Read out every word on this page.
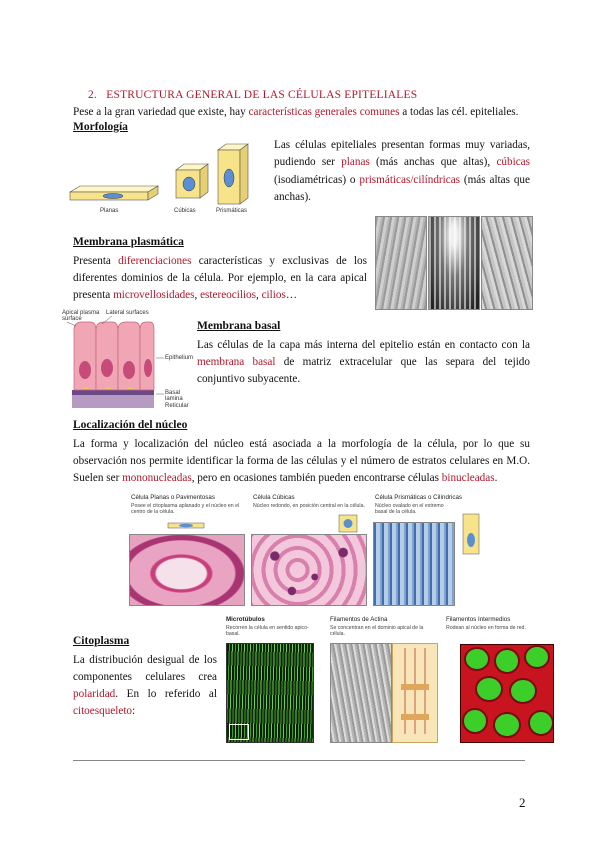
2. ESTRUCTURA GENERAL DE LAS CÉLULAS EPITELIALES
Pese a la gran variedad que existe, hay características generales comunes a todas las cél. epiteliales.
Morfología
Planas	Cúbicas	Prismáticas
Las células epiteliales presentan formas muy variadas, pudiendo ser planas (más anchas que altas), cúbicas (isodiamétricas) o prismáticas/cilíndricas (más altas que anchas).
Membrana plasmática
Presenta diferenciaciones características y exclusivas de los diferentes dominios de la célula. Por ejemplo, en la cara apical presenta microvellosidades, estereocilios, cilios…
Apical plasma surface
Lateral surfaces
Epithelium
Basal lamina
Reticular
Membrana basal
Las células de la capa más interna del epitelio están en contacto con la membrana basal de matriz extracelular que las separa del tejido conjuntivo subyacente.
Localización del núcleo
La forma y localización del núcleo está asociada a la morfología de la célula, por lo que su observación nos permite identificar la forma de las células y el número de estratos celulares en M.O. Suelen ser mononucleadas, pero en ocasiones también pueden encontrarse células binucleadas.
Célula Planas o Pavimentosas
Posee el citoplasma aplanado y el núcleo en el centro de la célula.
Célula Cúbicas
Núcleo redondo, en posición central en la célula.
Célula Prismáticas o Cilíndricas
Núcleo ovalado en el extremo basal de la célula.
Citoplasma
La distribución desigual de los componentes celulares crea polaridad. En lo referido al citoesqueleto:
Microtúbulos
Recorren la célula en sentido apico-basal.
Filamentos de Actina
Se concentran en el dominio apical de la célula.
Filamentos Intermedios
Rodean al núcleo en forma de red.
2
